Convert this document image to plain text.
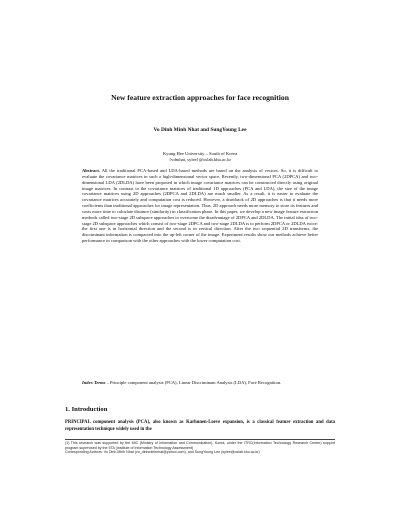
New feature extraction approaches for face recognition
Vo Dinh Minh Nhat and SungYoung Lee
Kyung Hee University – South of Korea
{vdmhat, sylee}@oslab.khu.ac.kr
Abstract. All the traditional PCA-based and LDA-based methods are based on the analysis of vectors. So, it is difficult to evaluate the covariance matrices in such a high-dimensional vector space. Recently, two-dimensional PCA (2DPCA) and two-dimensional LDA (2DLDA) have been proposed in which image covariance matrices can be constructed directly using original image matrices. In contrast to the covariance matrices of traditional 1D approaches (PCA and LDA), the size of the image covariance matrices using 2D approaches (2DPCA and 2DLDA) are much smaller. As a result, it is easier to evaluate the covariance matrices accurately and computation cost is reduced. However, a drawback of 2D approaches is that it needs more coefficients than traditional approaches for image representation. Thus, 2D approach needs more memory to store its features and costs more time to calculate distance (similarity) in classification phase. In this paper, we develop a new image feature extraction methods called two-stage 2D subspace approaches to overcome the disadvantage of 2DPCA and 2DLDA. The initial idea of two-stage 2D subspace approaches which consist of two-stage 2DPCA and two-stage 2DLDA is to perform 2DPCA or 2DLDA twice: the first one is in horizontal direction and the second is in vertical direction. After the two sequential 2D transforms, the discriminant information is compacted into the up-left corner of the image. Experiment results show our methods achieve better performance in comparison with the other approaches with the lower computation cost.
Index Terms – Principle component analysis (PCA), Linear Discriminant Analysis (LDA), Face Recognition.
1. Introduction
PRINCIPAL component analysis (PCA), also known as Karhunen-Loeve expansion, is a classical feature extraction and data representation technique widely used in the

(1) This research was supported by the MIC (Ministry of Information and Communication), Korea, under the ITRC(Information Technology Research Center) support program supervised by the IITA (Institute of Information Technology Assessment)

Corresponding Authors: Vo Dinh Minh Nhat (vo_dinhminhnhat@yahoo.com), and SungYoung Lee (sylee@oslab.khu.ac.kr)
